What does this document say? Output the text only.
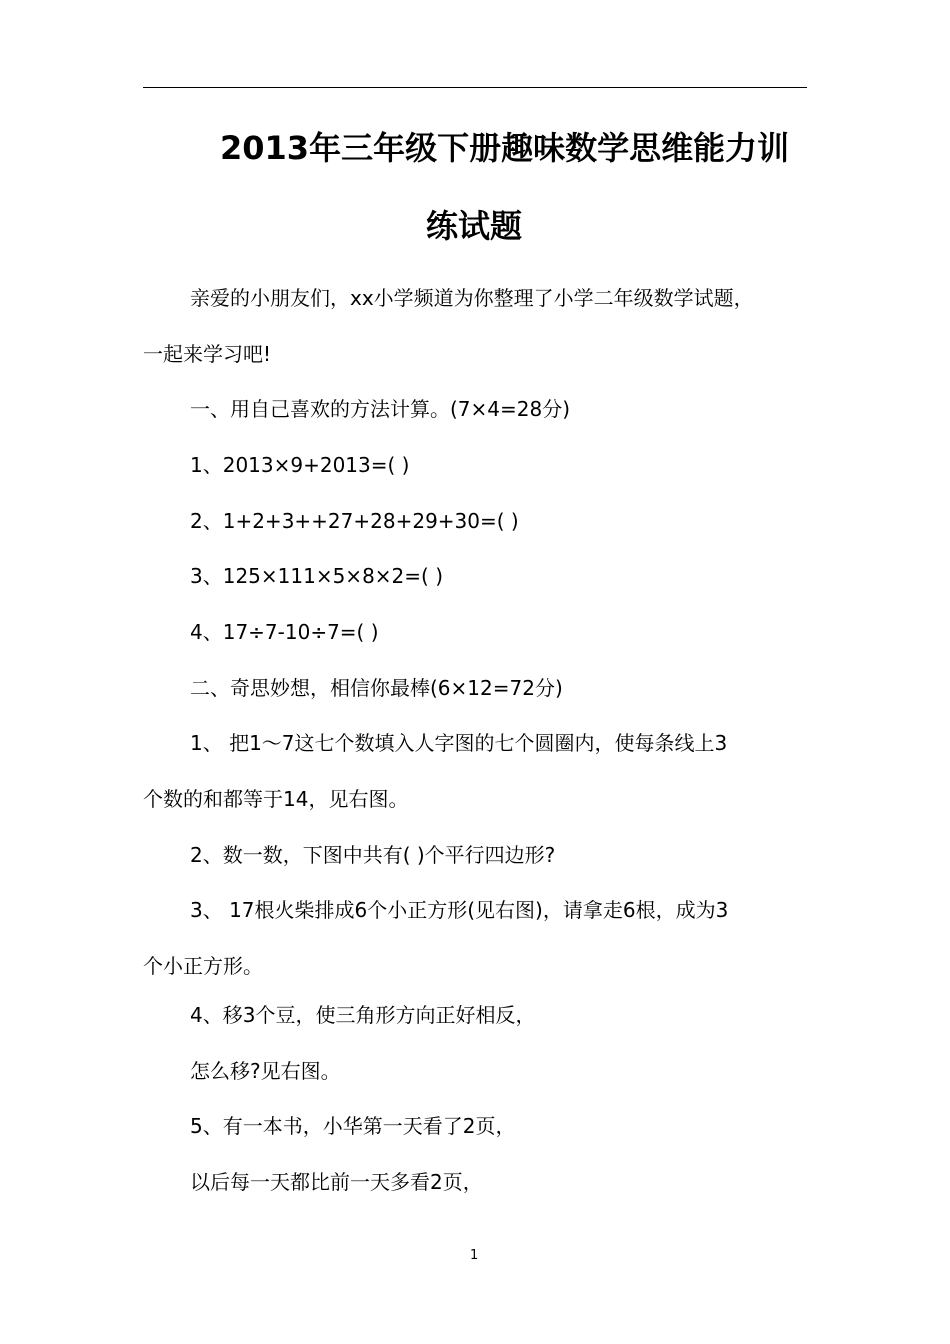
2013年三年级下册趣味数学思维能力训
练试题
亲爱的小朋友们，xx小学频道为你整理了小学二年级数学试题，
一起来学习吧!
一、用自己喜欢的方法计算。(7×4=28分)
1、2013×9+2013=( )
2、1+2+3++27+28+29+30=( )
3、125×111×5×8×2=( )
4、17÷7-10÷7=( )
二、奇思妙想，相信你最棒(6×12=72分)
1、 把1～7这七个数填入人字图的七个圆圈内，使每条线上3
个数的和都等于14，见右图。
2、数一数，下图中共有( )个平行四边形?
3、 17根火柴排成6个小正方形(见右图)，请拿走6根，成为3
个小正方形。
4、移3个豆，使三角形方向正好相反，
怎么移?见右图。
5、有一本书，小华第一天看了2页，
以后每一天都比前一天多看2页，
1
